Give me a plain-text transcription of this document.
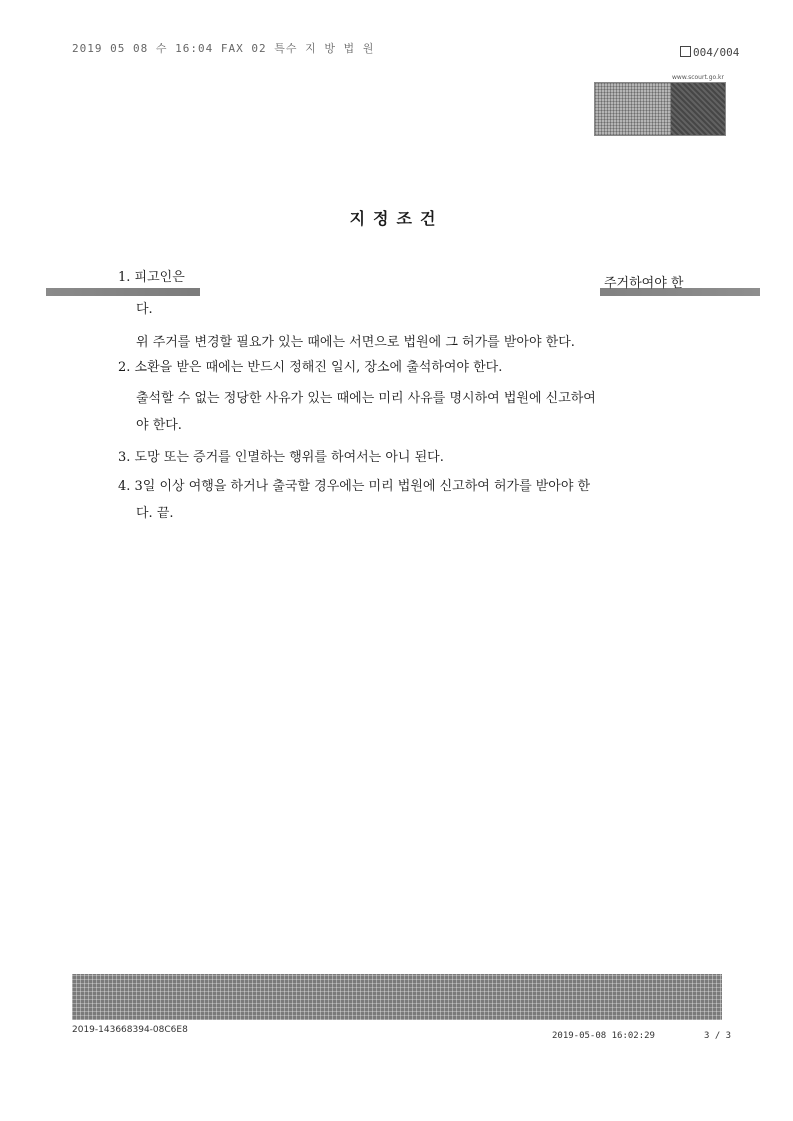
2019 05 08 수 16:04 FAX 02 특수 지 방 법 원	004/004
www.scourt.go.kr
지정조건
1. 피고인은	주거하여야 한
다.
위 주거를 변경할 필요가 있는 때에는 서면으로 법원에 그 허가를 받아야 한다.
2. 소환을 받은 때에는 반드시 정해진 일시, 장소에 출석하여야 한다.
출석할 수 없는 정당한 사유가 있는 때에는 미리 사유를 명시하여 법원에 신고하여
야 한다.
3. 도망 또는 증거를 인멸하는 행위를 하여서는 아니 된다.
4. 3일 이상 여행을 하거나 출국할 경우에는 미리 법원에 신고하여 허가를 받아야 한
다. 끝.
2019-143668394-08C6E8
2019-05-08 16:02:29	3 / 3
